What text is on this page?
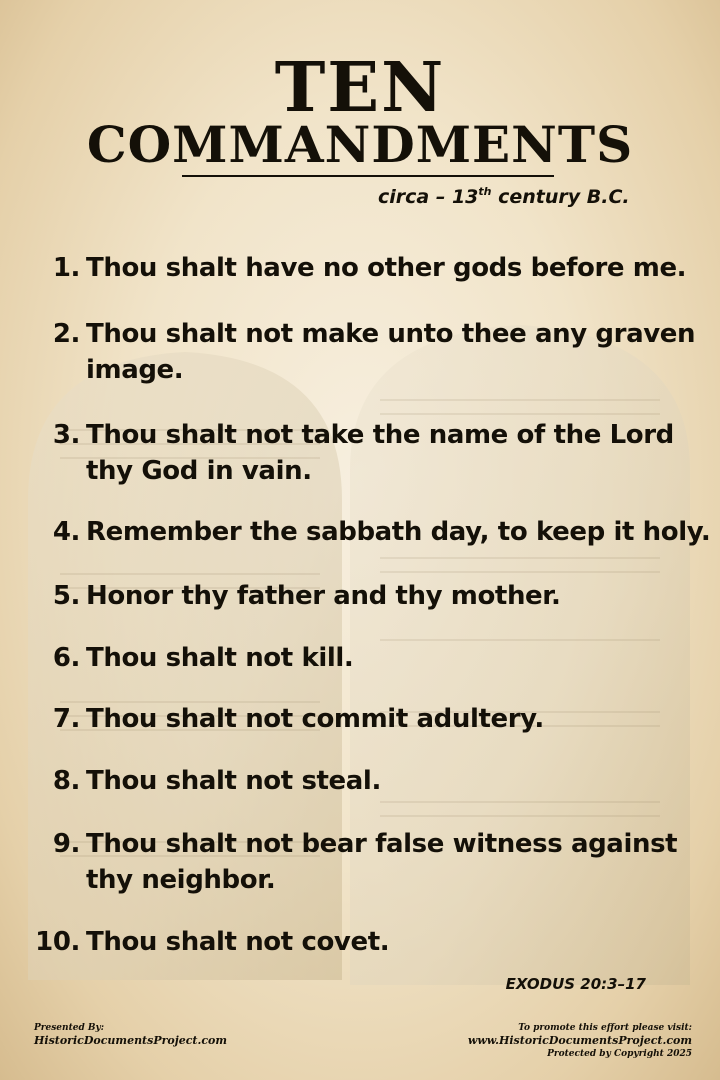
TEN
COMMANDMENTS
circa – 13th century B.C.
1. Thou shalt have no other gods before me.
2. Thou shalt not make unto thee any graven
image.
3. Thou shalt not take the name of the Lord
thy God in vain.
4. Remember the sabbath day, to keep it holy.
5. Honor thy father and thy mother.
6. Thou shalt not kill.
7. Thou shalt not commit adultery.
8. Thou shalt not steal.
9. Thou shalt not bear false witness against
thy neighbor.
10. Thou shalt not covet.
EXODUS 20:3–17
Presented By:
HistoricDocumentsProject.com
To promote this effort please visit:
www.HistoricDocumentsProject.com
Protected by Copyright 2025
